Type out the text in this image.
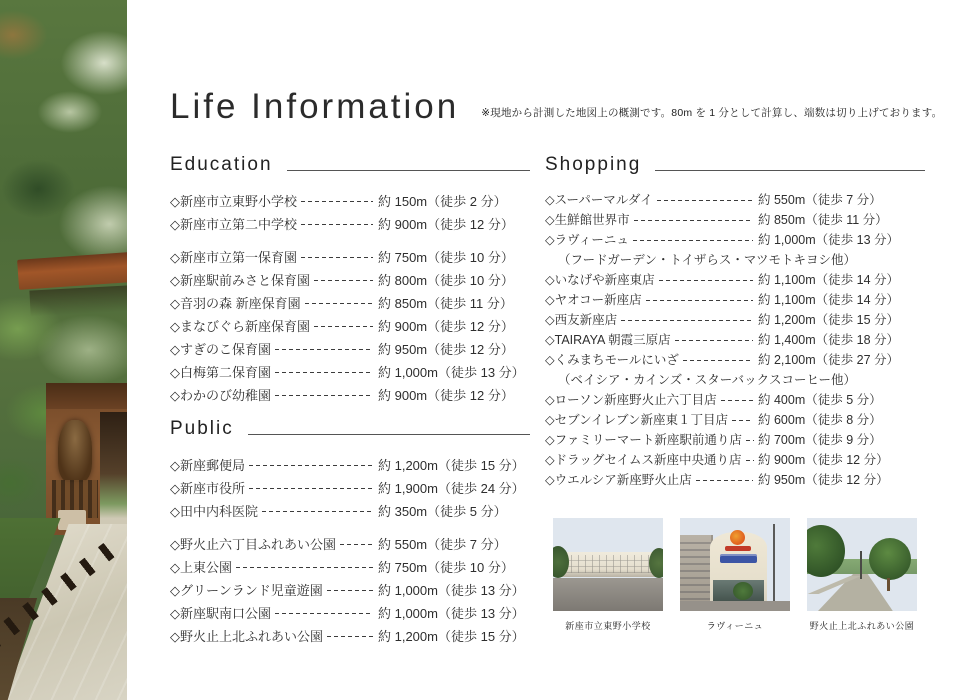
Life Information ※現地から計測した地図上の概測です。80m を 1 分として計算し、端数は切り上げております。
Education
◇新座市立東野小学校	約 150m（徒歩 2 分）
◇新座市立第二中学校	約 900m（徒歩 12 分）
◇新座市立第一保育園	約 750m（徒歩 10 分）
◇新座駅前みさと保育園	約 800m（徒歩 10 分）
◇音羽の森 新座保育園	約 850m（徒歩 11 分）
◇まなびぐら新座保育園	約 900m（徒歩 12 分）
◇すぎのこ保育園	約 950m（徒歩 12 分）
◇白梅第二保育園	約 1,000m（徒歩 13 分）
◇わかのび幼稚園	約 900m（徒歩 12 分）
Public
◇新座郵便局	約 1,200m（徒歩 15 分）
◇新座市役所	約 1,900m（徒歩 24 分）
◇田中内科医院	約 350m（徒歩 5 分）
◇野火止六丁目ふれあい公園	約 550m（徒歩 7 分）
◇上東公園	約 750m（徒歩 10 分）
◇グリーンランド児童遊園	約 1,000m（徒歩 13 分）
◇新座駅南口公園	約 1,000m（徒歩 13 分）
◇野火止上北ふれあい公園	約 1,200m（徒歩 15 分）
Shopping
◇スーパーマルダイ	約 550m（徒歩 7 分）
◇生鮮館世界市	約 850m（徒歩 11 分）
◇ラヴィーニュ	約 1,000m（徒歩 13 分）
（フードガーデン・トイザらス・マツモトキヨシ他）
◇いなげや新座東店	約 1,100m（徒歩 14 分）
◇ヤオコー新座店	約 1,100m（徒歩 14 分）
◇西友新座店	約 1,200m（徒歩 15 分）
◇TAIRAYA 朝霞三原店	約 1,400m（徒歩 18 分）
◇くみまちモールにいざ	約 2,100m（徒歩 27 分）
（ベイシア・カインズ・スターバックスコーヒー他）
◇ローソン新座野火止六丁目店	約 400m（徒歩 5 分）
◇セブンイレブン新座東１丁目店 約 600m（徒歩 8 分）
◇ファミリーマート新座駅前通り店 約 700m（徒歩 9 分）
◇ドラッグセイムス新座中央通り店 約 900m（徒歩 12 分）
◇ウエルシア新座野火止店	約 950m（徒歩 12 分）
新座市立東野小学校	ラヴィーニュ	野火止上北ふれあい公園
